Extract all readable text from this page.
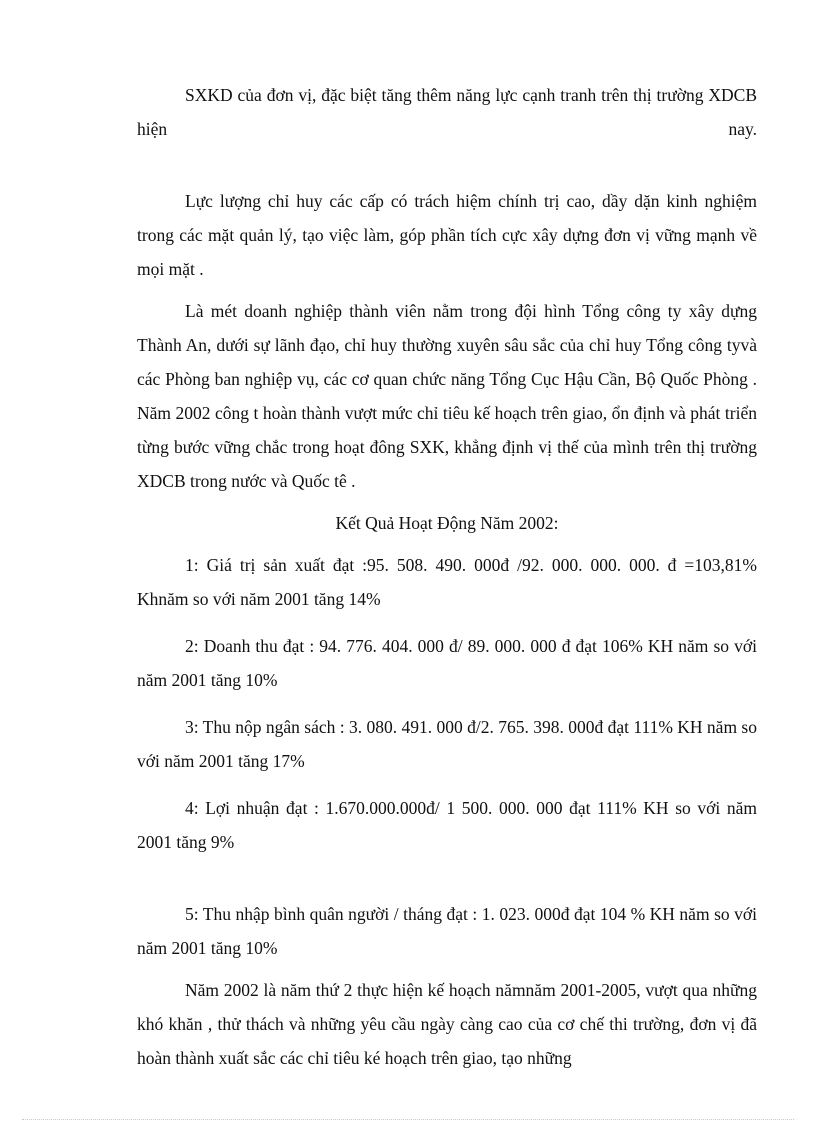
SXKD của đơn vị, đặc biệt tăng thêm năng lực cạnh tranh trên thị trường XDCB hiện nay.

Lực lượng chỉ huy các cấp có trách hiệm chính trị cao, dầy dặn kinh nghiệm trong các mặt quản lý, tạo việc làm, góp phần tích cực xây dựng đơn vị vững mạnh về mọi mặt .

Là mét doanh nghiệp thành viên nằm trong đội hình Tổng công ty xây dựng Thành An, dưới sự lãnh đạo, chỉ huy thường xuyên sâu sắc của chỉ huy Tổng công tyvà các Phòng ban nghiệp vụ, các cơ quan chức năng Tổng Cục Hậu Cần, Bộ Quốc Phòng . Năm 2002 công t hoàn thành vượt mức chỉ tiêu kế hoạch trên giao, ổn định và phát triển từng bước vững chắc trong hoạt đông SXK, khẳng định vị thế của mình trên thị trường XDCB trong nước và Quốc tê .

Kết Quả Hoạt Động Năm 2002:

1: Giá trị sản xuất đạt :95. 508. 490. 000đ /92. 000. 000. 000. đ =103,81% Khnăm so với năm 2001 tăng 14%

2: Doanh thu đạt : 94. 776. 404. 000 đ/ 89. 000. 000 đ đạt 106% KH năm so với năm 2001 tăng 10%

3: Thu nộp ngân sách : 3. 080. 491. 000 đ/2. 765. 398. 000đ đạt 111% KH năm so với năm 2001 tăng 17%

4: Lợi nhuận đạt : 1.670.000.000đ/ 1 500. 000. 000 đạt 111% KH so với năm 2001 tăng 9%

5: Thu nhập bình quân người / tháng đạt : 1. 023. 000đ đạt 104 % KH năm so với năm 2001 tăng 10%

Năm 2002 là năm thứ 2 thực hiện kế hoạch nămnăm 2001-2005, vượt qua những khó khăn , thử thách và những yêu cầu ngày càng cao của cơ chế thi trường, đơn vị đã hoàn thành xuất sắc các chỉ tiêu ké hoạch trên giao, tạo những
